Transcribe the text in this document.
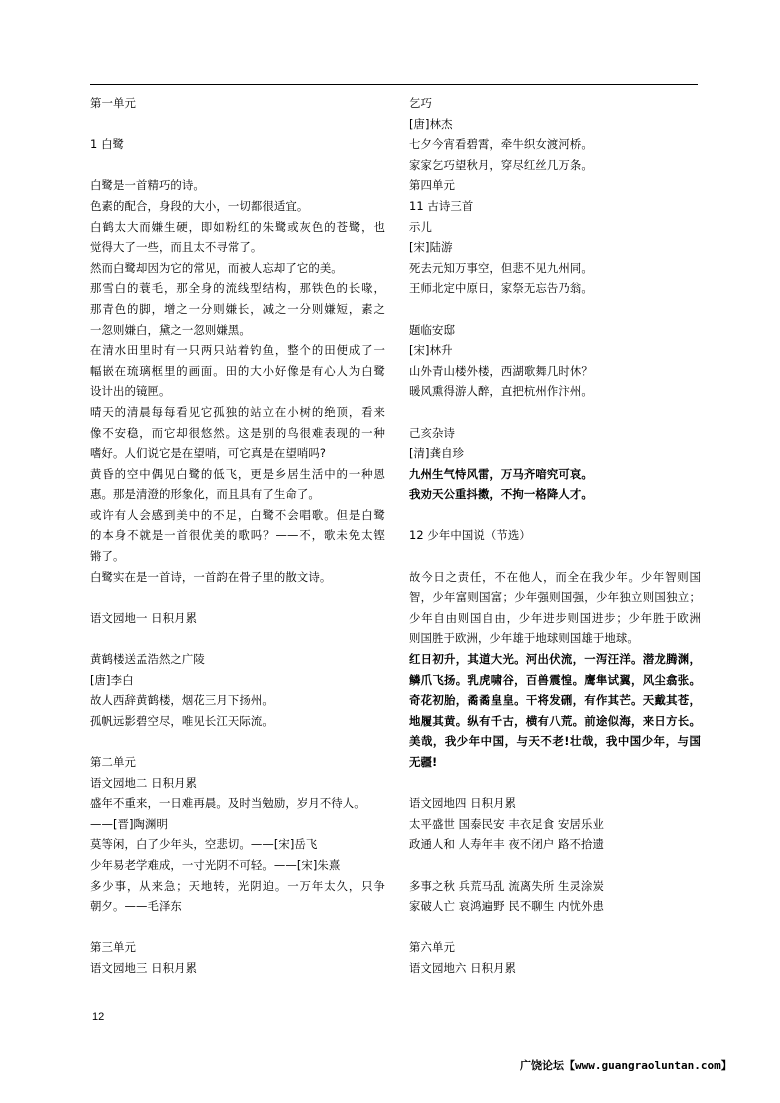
第一单元
1 白鹭
白鹭是一首精巧的诗。
色素的配合，身段的大小，一切都很适宜。
白鹤太大而嫌生硬，即如粉红的朱鹭或灰色的苍鹭，也
觉得大了一些，而且太不寻常了。
然而白鹭却因为它的常见，而被人忘却了它的美。
那雪白的蓑毛，那全身的流线型结构，那铁色的长喙，
那青色的脚，增之一分则嫌长，减之一分则嫌短，素之
一忽则嫌白，黛之一忽则嫌黑。
在清水田里时有一只两只站着钓鱼，整个的田便成了一
幅嵌在琉璃框里的画面。田的大小好像是有心人为白鹭
设计出的镜匣。
晴天的清晨每每看见它孤独的站立在小树的绝顶，看来
像不安稳，而它却很悠然。这是别的鸟很难表现的一种
嗜好。人们说它是在望哨，可它真是在望哨吗?
黄昏的空中偶见白鹭的低飞，更是乡居生活中的一种恩
惠。那是清澄的形象化，而且具有了生命了。
或许有人会感到美中的不足，白鹭不会唱歌。但是白鹭
的本身不就是一首很优美的歌吗？——不，歌未免太铿
锵了。
白鹭实在是一首诗，一首韵在骨子里的散文诗。
语文园地一 日积月累
黄鹤楼送孟浩然之广陵
[唐]李白
故人西辞黄鹤楼，烟花三月下扬州。
孤帆远影碧空尽，唯见长江天际流。
第二单元
语文园地二 日积月累
盛年不重来，一日难再晨。及时当勉励，岁月不待人。
——[晋]陶渊明
莫等闲，白了少年头，空悲切。——[宋]岳飞
少年易老学难成，一寸光阴不可轻。——[宋]朱熹
多少事，从来急；天地转，光阴迫。一万年太久，只争
朝夕。——毛泽东
第三单元
语文园地三 日积月累
乞巧
[唐]林杰
七夕今宵看碧霄，牵牛织女渡河桥。
家家乞巧望秋月，穿尽红丝几万条。
第四单元
11 古诗三首
示儿
[宋]陆游
死去元知万事空，但悲不见九州同。
王师北定中原日，家祭无忘告乃翁。
题临安邸
[宋]林升
山外青山楼外楼，西湖歌舞几时休？
暖风熏得游人醉，直把杭州作汴州。
己亥杂诗
[清]龚自珍
九州生气恃风雷，万马齐喑究可哀。
我劝天公重抖擞，不拘一格降人才。
12 少年中国说（节选）
故今日之责任，不在他人，而全在我少年。少年智则国
智，少年富则国富；少年强则国强，少年独立则国独立；
少年自由则国自由，少年进步则国进步；少年胜于欧洲
则国胜于欧洲，少年雄于地球则国雄于地球。
红日初升，其道大光。河出伏流，一泻汪洋。潜龙腾渊，
鳞爪飞扬。乳虎啸谷，百兽震惶。鹰隼试翼，风尘翕张。
奇花初胎，矞矞皇皇。干将发硎，有作其芒。天戴其苍，
地履其黄。纵有千古，横有八荒。前途似海，来日方长。
美哉，我少年中国，与天不老!壮哉，我中国少年，与国
无疆!
语文园地四 日积月累
太平盛世 国泰民安 丰衣足食 安居乐业
政通人和 人寿年丰 夜不闭户 路不拾遗
多事之秋 兵荒马乱 流离失所 生灵涂炭
家破人亡 哀鸿遍野 民不聊生 内忧外患
第六单元
语文园地六 日积月累
12
广饶论坛【www.guangraoluntan.com】
